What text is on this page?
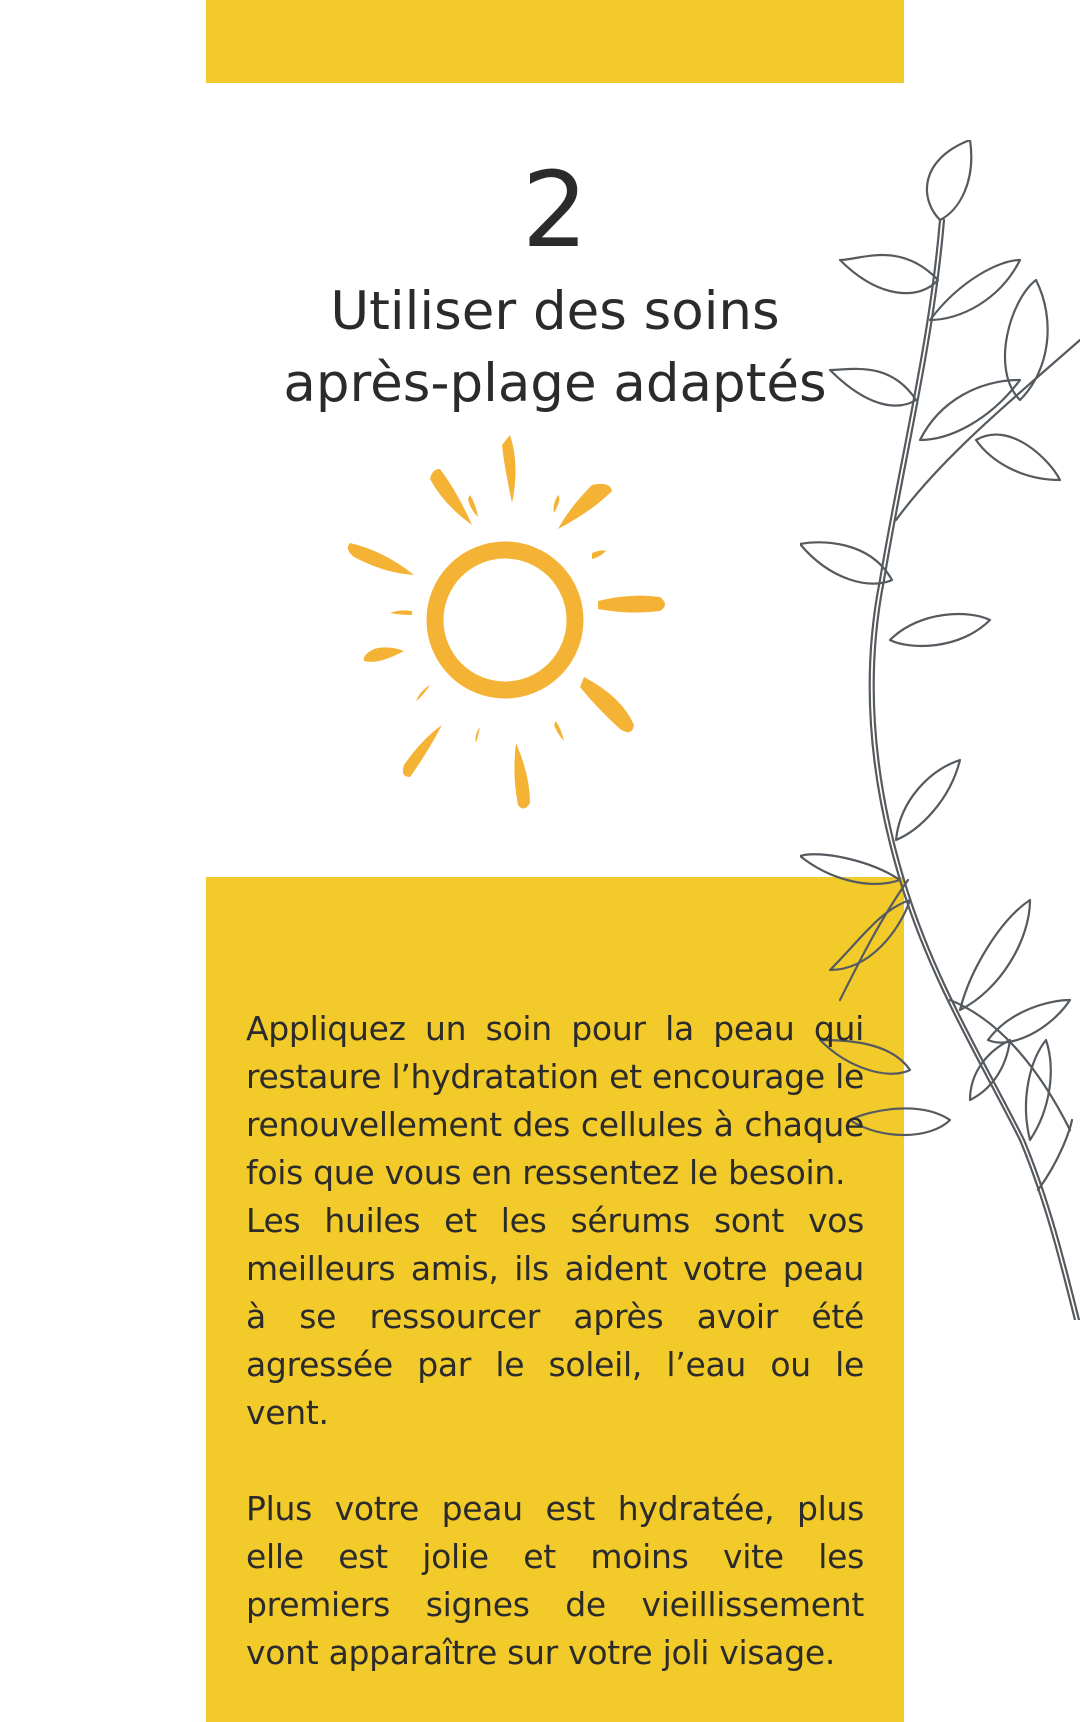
2
Utiliser des soins
après-plage adaptés

Appliquez un soin pour la peau qui restaure l’hydratation et encourage le renouvellement des cellules à chaque fois que vous en ressentez le besoin.

Les huiles et les sérums sont vos meilleurs amis, ils aident votre peau à se ressourcer après avoir été agressée par le soleil, l’eau ou le vent.

Plus votre peau est hydratée, plus elle est jolie et moins vite les premiers signes de vieillissement vont apparaître sur votre joli visage.
